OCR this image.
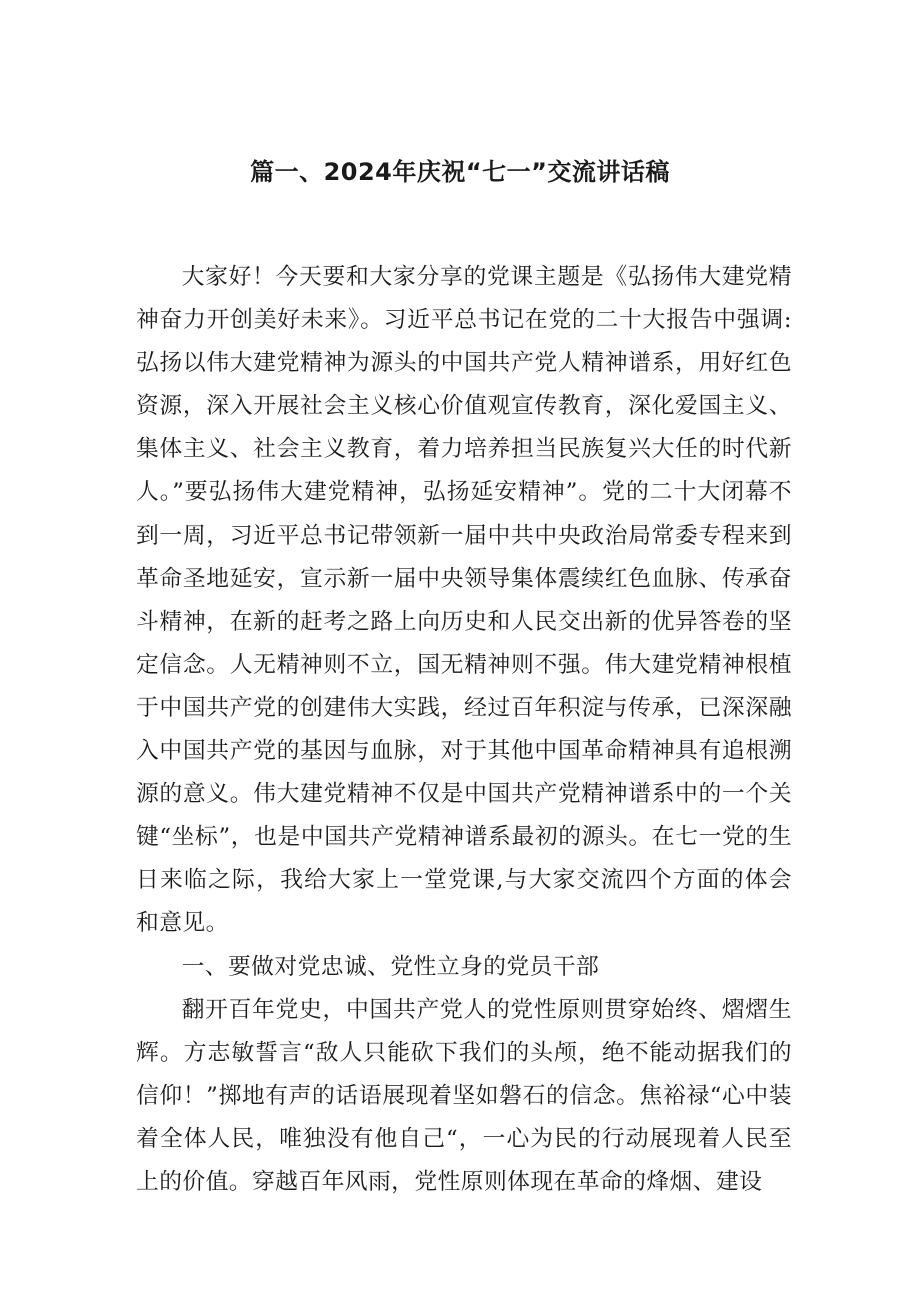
篇一、2024年庆祝“七一”交流讲话稿

大家好！今天要和大家分享的党课主题是《弘扬伟大建党精神奋力开创美好未来》。习近平总书记在党的二十大报告中强调:弘扬以伟大建党精神为源头的中国共产党人精神谱系，用好红色资源，深入开展社会主义核心价值观宣传教育，深化爱国主义、集体主义、社会主义教育，着力培养担当民族复兴大任的时代新人。”要弘扬伟大建党精神，弘扬延安精神”。党的二十大闭幕不到一周，习近平总书记带领新一届中共中央政治局常委专程来到革命圣地延安，宣示新一届中央领导集体震续红色血脉、传承奋斗精神，在新的赶考之路上向历史和人民交出新的优异答卷的坚定信念。人无精神则不立，国无精神则不强。伟大建党精神根植于中国共产党的创建伟大实践，经过百年积淀与传承，已深深融入中国共产党的基因与血脉，对于其他中国革命精神具有追根溯源的意义。伟大建党精神不仅是中国共产党精神谱系中的一个关键“坐标”，也是中国共产党精神谱系最初的源头。在七一党的生日来临之际，我给大家上一堂党课,与大家交流四个方面的体会和意见。

一、要做对党忠诚、党性立身的党员干部

翻开百年党史，中国共产党人的党性原则贯穿始终、熠熠生辉。方志敏誓言“敌人只能砍下我们的头颅，绝不能动据我们的信仰！”掷地有声的话语展现着坚如磐石的信念。焦裕禄“心中装着全体人民，唯独没有他自己“，一心为民的行动展现着人民至上的价值。穿越百年风雨，党性原则体现在革命的烽烟、建设
